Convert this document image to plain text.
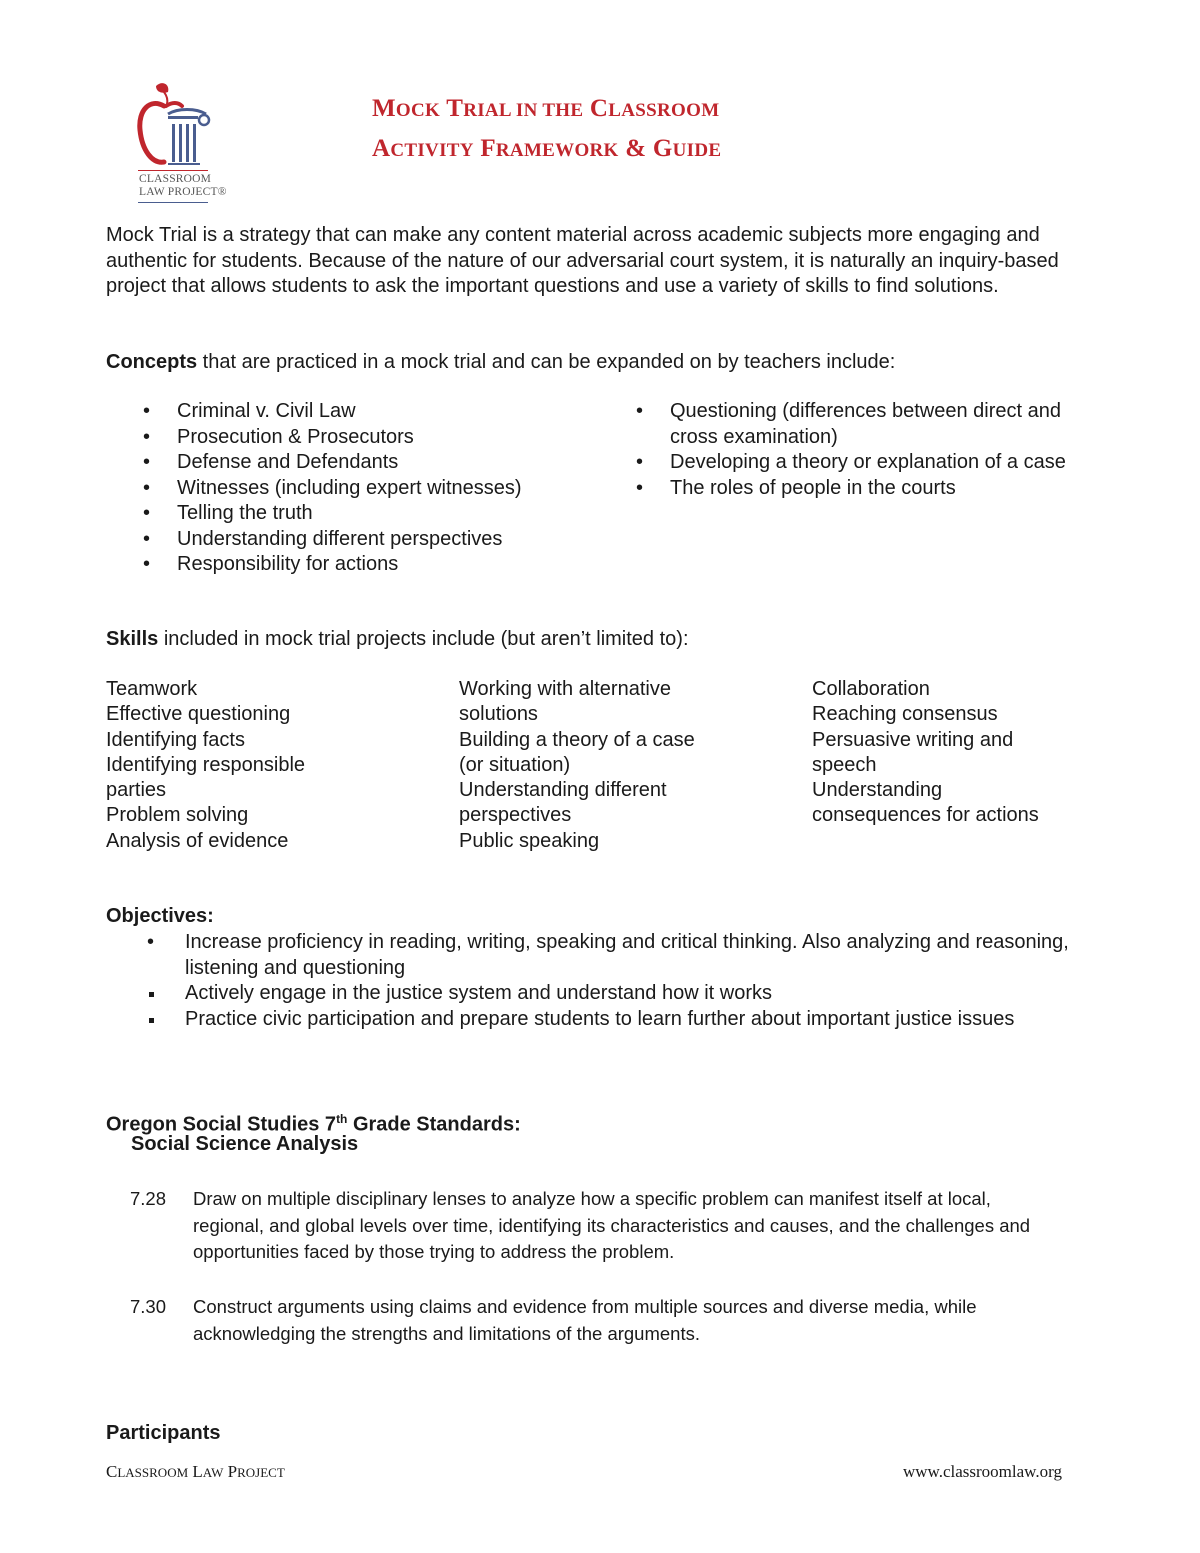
CLASSROOM
LAW PROJECT®
MOCK TRIAL IN THE CLASSROOM
ACTIVITY FRAMEWORK & GUIDE
Mock Trial is a strategy that can make any content material across academic subjects more engaging and authentic for students. Because of the nature of our adversarial court system, it is naturally an inquiry-based project that allows students to ask the important questions and use a variety of skills to find solutions.
Concepts that are practiced in a mock trial and can be expanded on by teachers include:
• Criminal v. Civil Law
• Prosecution & Prosecutors
• Defense and Defendants
• Witnesses (including expert witnesses)
• Telling the truth
• Understanding different perspectives
• Responsibility for actions
• Questioning (differences between direct and cross examination)
• Developing a theory or explanation of a case
• The roles of people in the courts
Skills included in mock trial projects include (but aren’t limited to):
Teamwork
Effective questioning
Identifying facts
Identifying responsible
parties
Problem solving
Analysis of evidence
Working with alternative
solutions
Building a theory of a case
(or situation)
Understanding different
perspectives
Public speaking
Collaboration
Reaching consensus
Persuasive writing and
speech
Understanding
consequences for actions
Objectives:
• Increase proficiency in reading, writing, speaking and critical thinking. Also analyzing and reasoning, listening and questioning
Actively engage in the justice system and understand how it works
Practice civic participation and prepare students to learn further about important justice issues
Oregon Social Studies 7th Grade Standards:
Social Science Analysis
7.28 Draw on multiple disciplinary lenses to analyze how a specific problem can manifest itself at local, regional, and global levels over time, identifying its characteristics and causes, and the challenges and opportunities faced by those trying to address the problem.
7.30 Construct arguments using claims and evidence from multiple sources and diverse media, while acknowledging the strengths and limitations of the arguments.
Participants
CLASSROOM LAW PROJECT	www.classroomlaw.org
